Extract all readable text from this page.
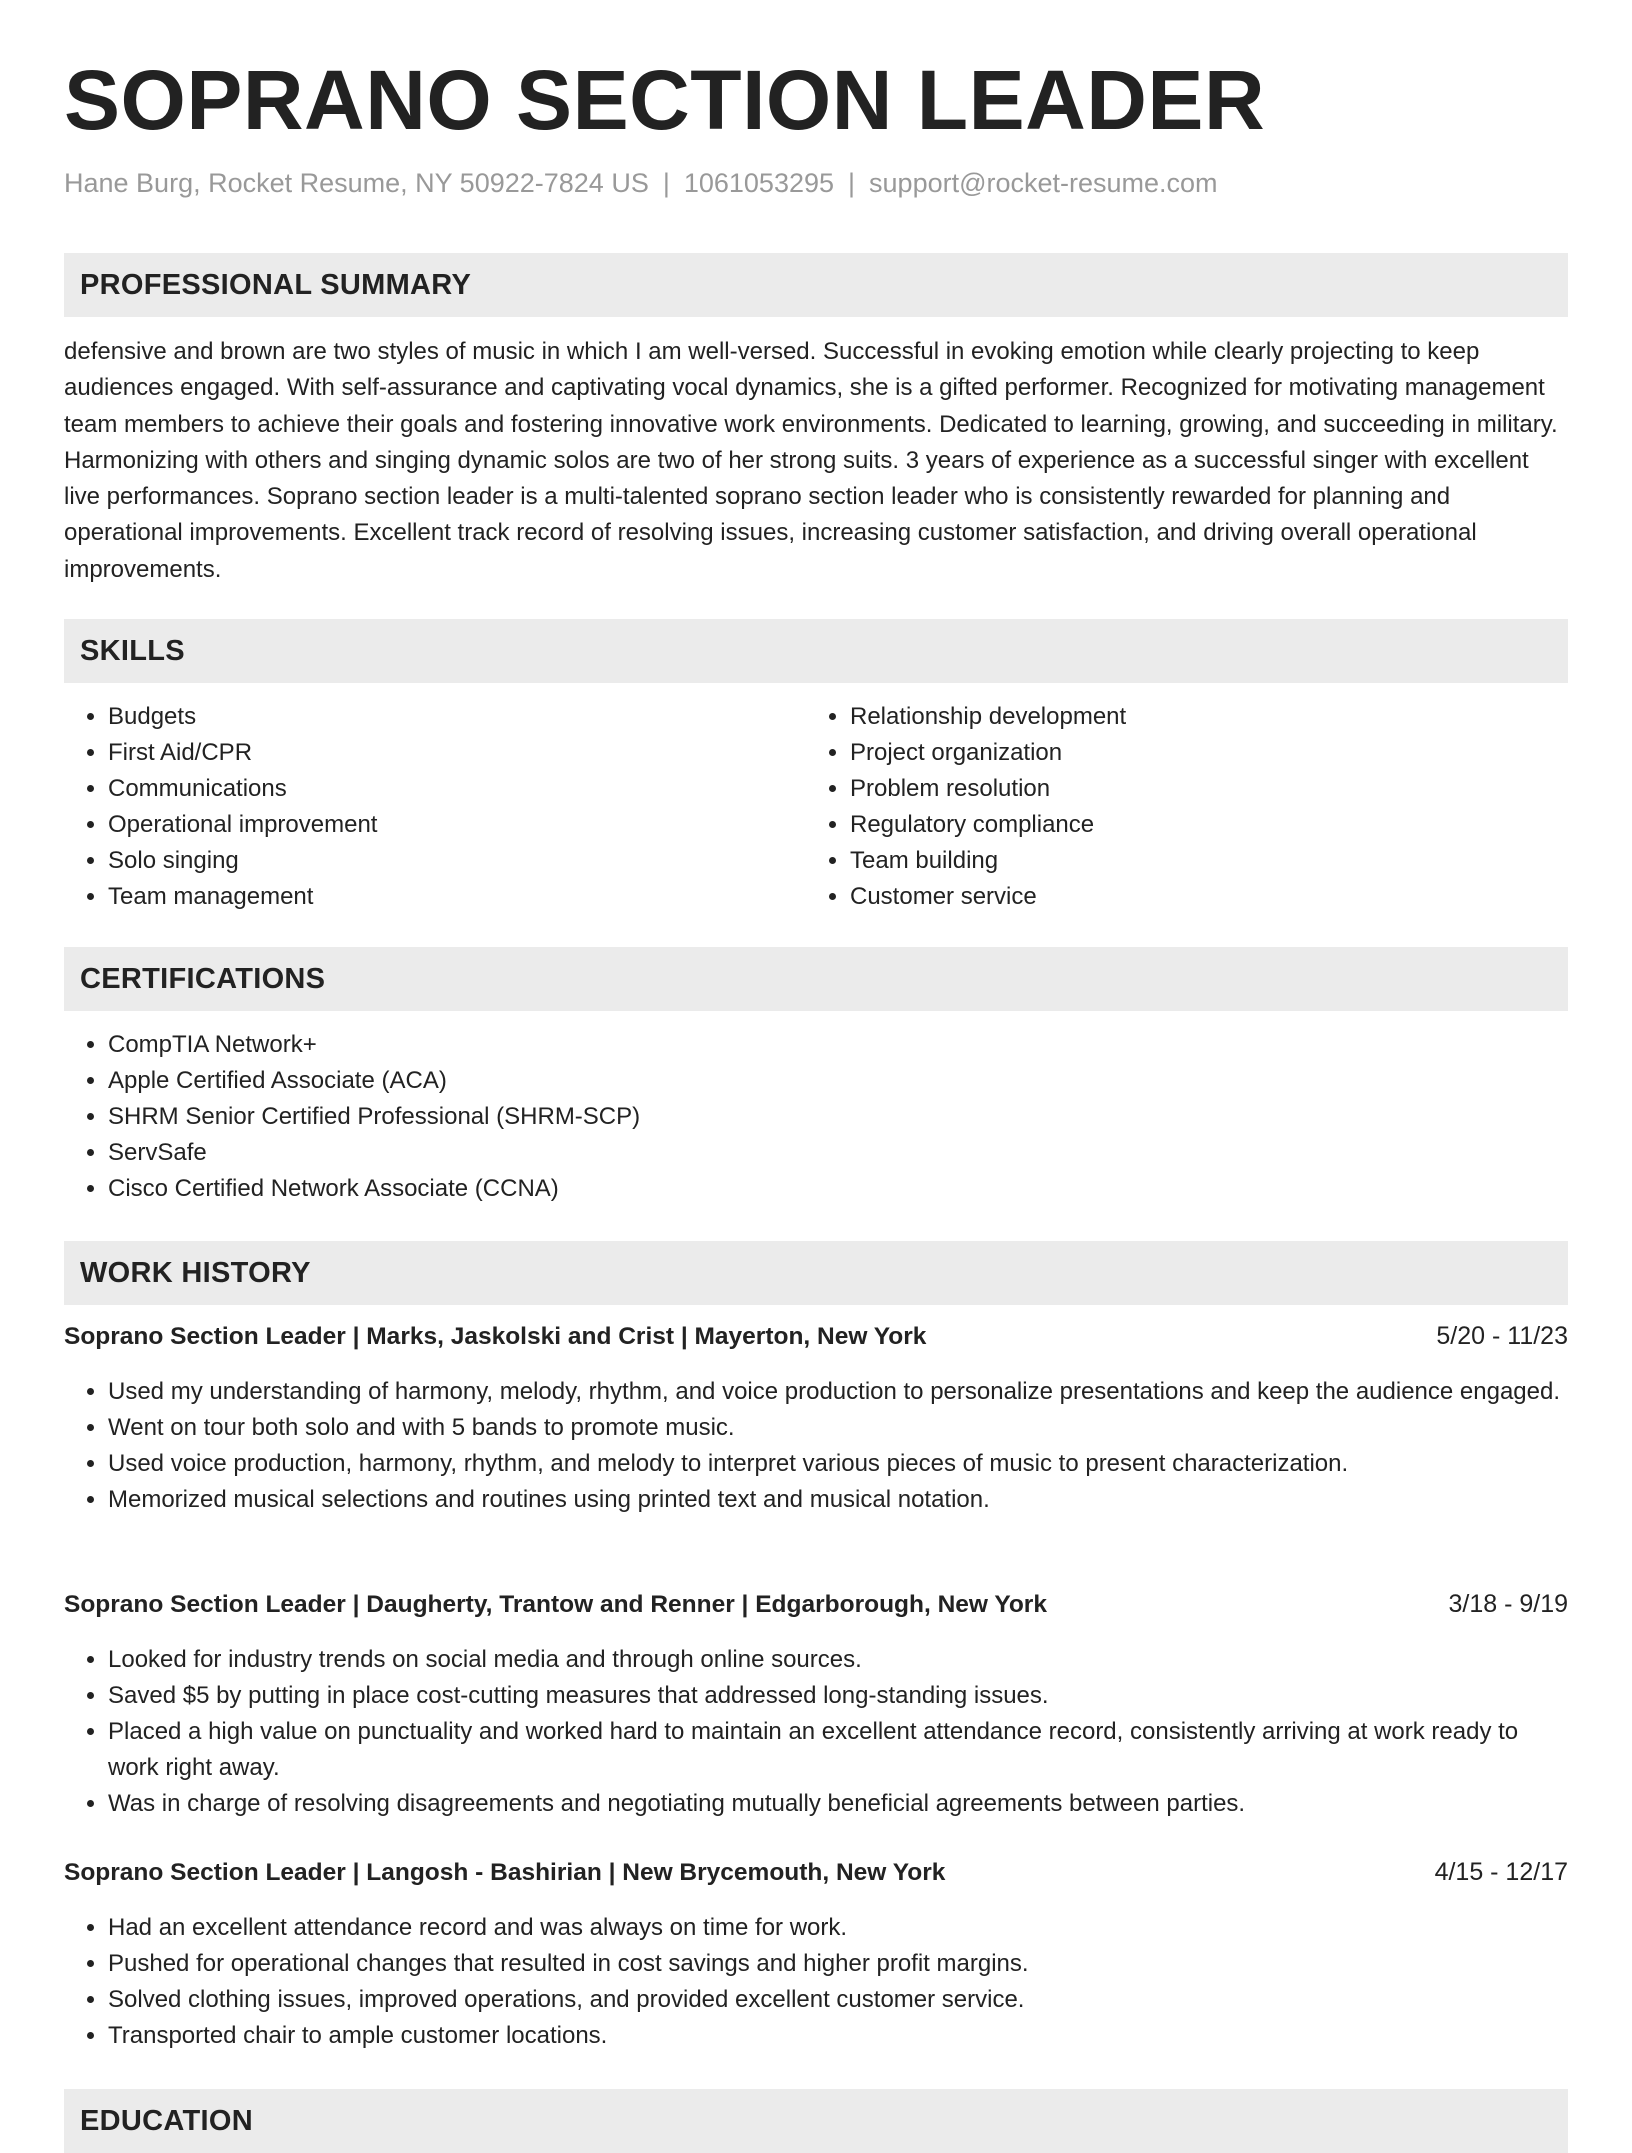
SOPRANO SECTION LEADER
Hane Burg, Rocket Resume, NY 50922-7824 US | 1061053295 | support@rocket-resume.com
PROFESSIONAL SUMMARY

defensive and brown are two styles of music in which I am well-versed. Successful in evoking emotion while clearly projecting to keep audiences engaged. With self-assurance and captivating vocal dynamics, she is a gifted performer. Recognized for motivating management team members to achieve their goals and fostering innovative work environments. Dedicated to learning, growing, and succeeding in military. Harmonizing with others and singing dynamic solos are two of her strong suits. 3 years of experience as a successful singer with excellent live performances. Soprano section leader is a multi-talented soprano section leader who is consistently rewarded for planning and operational improvements. Excellent track record of resolving issues, increasing customer satisfaction, and driving overall operational improvements.

SKILLS
• Budgets
• First Aid/CPR
• Communications
• Operational improvement
• Solo singing
• Team management
• Relationship development
• Project organization
• Problem resolution
• Regulatory compliance
• Team building
• Customer service
CERTIFICATIONS
• CompTIA Network+
• Apple Certified Associate (ACA)
• SHRM Senior Certified Professional (SHRM-SCP)
• ServSafe
• Cisco Certified Network Associate (CCNA)
WORK HISTORY
Soprano Section Leader | Marks, Jaskolski and Crist | Mayerton, New York	5/20 - 11/23
• Used my understanding of harmony, melody, rhythm, and voice production to personalize presentations and keep the audience engaged.
• Went on tour both solo and with 5 bands to promote music.
• Used voice production, harmony, rhythm, and melody to interpret various pieces of music to present characterization.
• Memorized musical selections and routines using printed text and musical notation.
Soprano Section Leader | Daugherty, Trantow and Renner | Edgarborough, New York	3/18 - 9/19
• Looked for industry trends on social media and through online sources.
• Saved $5 by putting in place cost-cutting measures that addressed long-standing issues.
• Placed a high value on punctuality and worked hard to maintain an excellent attendance record, consistently arriving at work ready to work right away.
• Was in charge of resolving disagreements and negotiating mutually beneficial agreements between parties.
Soprano Section Leader | Langosh - Bashirian | New Brycemouth, New York	4/15 - 12/17
• Had an excellent attendance record and was always on time for work.
• Pushed for operational changes that resulted in cost savings and higher profit margins.
• Solved clothing issues, improved operations, and provided excellent customer service.
• Transported chair to ample customer locations.
EDUCATION
